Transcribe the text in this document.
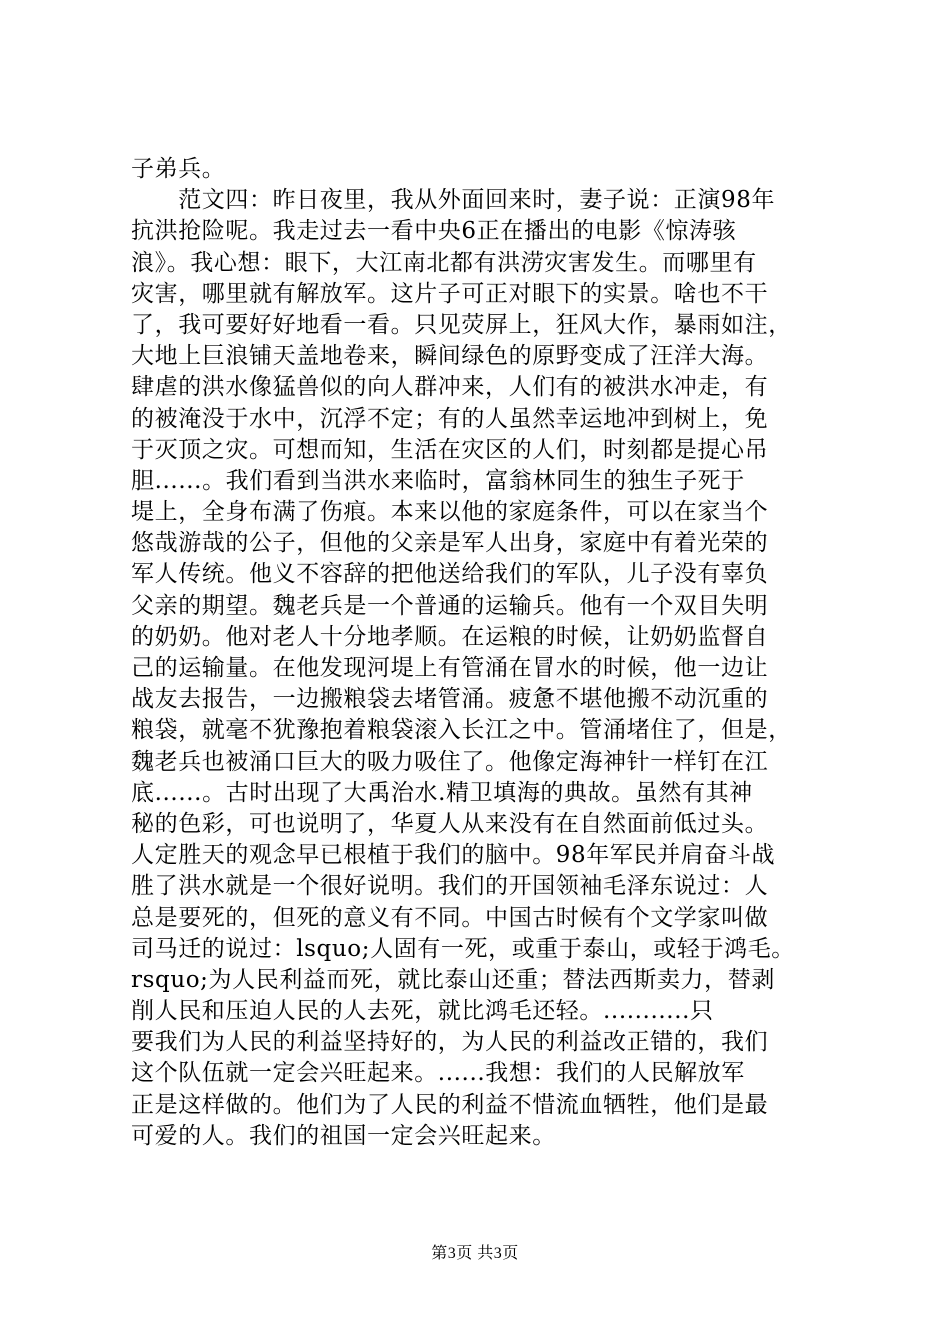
子弟兵。
　　范文四：昨日夜里，我从外面回来时，妻子说：正演98年
抗洪抢险呢。我走过去一看中央6正在播出的电影《惊涛骇
浪》。我心想：眼下，大江南北都有洪涝灾害发生。而哪里有
灾害，哪里就有解放军。这片子可正对眼下的实景。啥也不干
了，我可要好好地看一看。只见荧屏上，狂风大作，暴雨如注，
大地上巨浪铺天盖地卷来，瞬间绿色的原野变成了汪洋大海。
肆虐的洪水像猛兽似的向人群冲来，人们有的被洪水冲走，有
的被淹没于水中，沉浮不定；有的人虽然幸运地冲到树上，免
于灭顶之灾。可想而知，生活在灾区的人们，时刻都是提心吊
胆......。我们看到当洪水来临时，富翁林同生的独生子死于
堤上，全身布满了伤痕。本来以他的家庭条件，可以在家当个
悠哉游哉的公子，但他的父亲是军人出身，家庭中有着光荣的
军人传统。他义不容辞的把他送给我们的军队，儿子没有辜负
父亲的期望。魏老兵是一个普通的运输兵。他有一个双目失明
的奶奶。他对老人十分地孝顺。在运粮的时候，让奶奶监督自
己的运输量。在他发现河堤上有管涌在冒水的时候，他一边让
战友去报告，一边搬粮袋去堵管涌。疲惫不堪他搬不动沉重的
粮袋，就毫不犹豫抱着粮袋滚入长江之中。管涌堵住了，但是，
魏老兵也被涌口巨大的吸力吸住了。他像定海神针一样钉在江
底......。古时出现了大禹治水.精卫填海的典故。虽然有其神
秘的色彩，可也说明了，华夏人从来没有在自然面前低过头。
人定胜天的观念早已根植于我们的脑中。98年军民并肩奋斗战
胜了洪水就是一个很好说明。我们的开国领袖毛泽东说过：人
总是要死的，但死的意义有不同。中国古时候有个文学家叫做
司马迁的说过：lsquo;人固有一死，或重于泰山，或轻于鸿毛。
rsquo;为人民利益而死，就比泰山还重；替法西斯卖力，替剥
削人民和压迫人民的人去死，就比鸿毛还轻。...........只
要我们为人民的利益坚持好的，为人民的利益改正错的，我们
这个队伍就一定会兴旺起来。......我想：我们的人民解放军
正是这样做的。他们为了人民的利益不惜流血牺牲，他们是最
可爱的人。我们的祖国一定会兴旺起来。
第3页 共3页
